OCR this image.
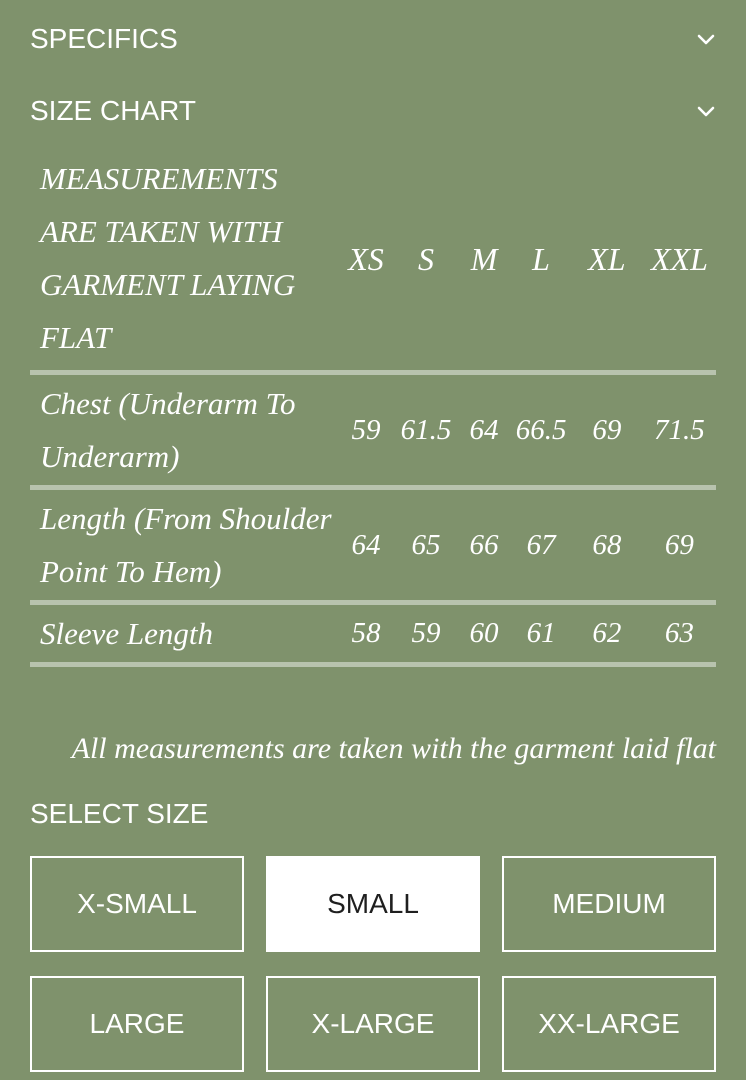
SPECIFICS
SIZE CHART
MEASUREMENTS ARE TAKEN WITH GARMENT LAYING FLAT	XS	S	M	L	XL	XXL
Chest (Underarm To Underarm)	59	61.5	64	66.5	69	71.5
Length (From Shoulder Point To Hem)	64	65	66	67	68	69
Sleeve Length	58	59	60	61	62	63
All measurements are taken with the garment laid flat
SELECT SIZE
X-SMALL	SMALL	MEDIUM
LARGE	X-LARGE	XX-LARGE
